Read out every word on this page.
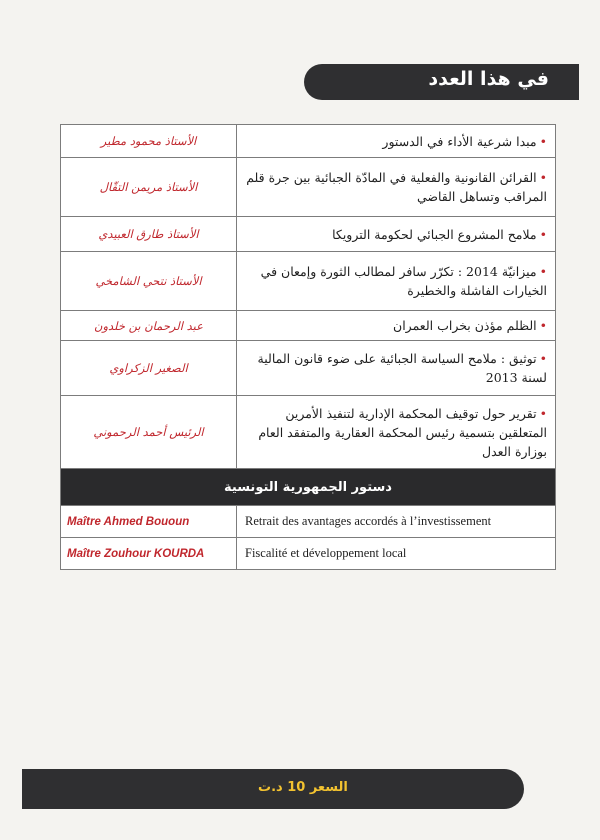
في هذا العدد
الأستاذ محمود مطير	•مبدا شرعية الأداء في الدستور
الأستاذ مريمن التقّال	•القرائن القانونية والفعلية في المادّة الجبائية بين جرة قلم المراقب وتساهل القاضي
الأستاذ طارق العبيدي	•ملامح المشروع الجبائي لحكومة الترويكا
الأستاذ نتحي الشامخي	•ميزانيّة 2014 : تكرّر سافر لمطالب الثورة وإمعان في الخيارات الفاشلة والخطيرة
عبد الرحمان بن خلدون	•الظلم مؤذن بخراب العمران
الصغير الزكراوي	•توثيق : ملامح السياسة الجبائية على ضوء قانون المالية لسنة 2013
الرئيس أحمد الرحموني	•تقرير حول توقيف المحكمة الإدارية لتنفيذ الأمرين المتعلقين بتسمية رئيس المحكمة العقارية والمتفقد العام بوزارة العدل
دستور الجمهورية التونسية	
Maître Ahmed Bououn	Retrait des avantages accordés à l’investissement
Maître Zouhour KOURDA	Fiscalité et développement local
السعر 10 د.ت
